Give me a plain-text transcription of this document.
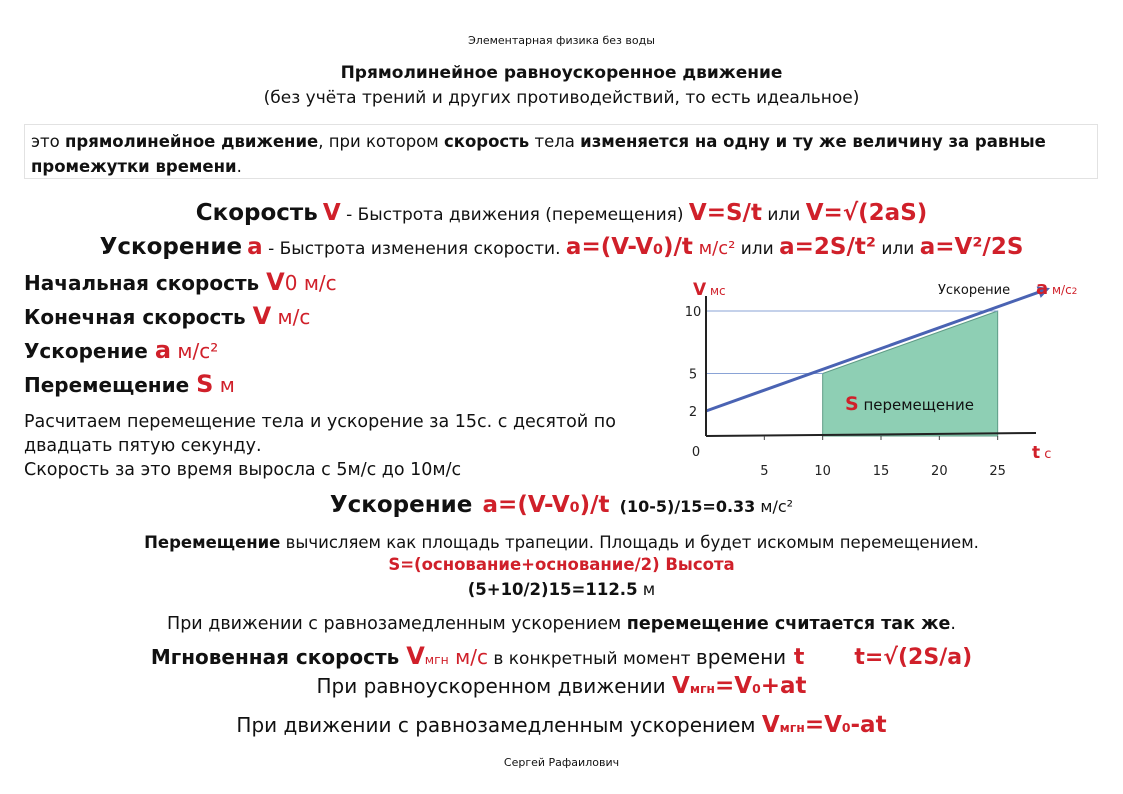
Элементарная физика без воды
Прямолинейное равноускоренное движение
(без учёта трений и других противодействий, то есть идеальное)
это прямолинейное движение, при котором скорость тела изменяется на одну и ту же величину за равные промежутки времени.
Скорость V - Быстрота движения (перемещения) V=S/t или V=√(2aS)
Ускорение a - Быстрота изменения скорости. a=(V-V0)/t м/с² или a=2S/t² или a=V²/2S
Начальная скорость V0 м/с
Конечная скорость V м/с
Ускорение a м/с²
Перемещение S м
Расчитаем перемещение тела и ускорение за 15с. с десятой по
двадцать пятую секунду.
Скорость за это время выросла с 5м/с до 10м/с
0
5	10	15	20	25
2
5
10
V мс
t с
Ускорение a м/с2
S перемещение
Ускорение a=(V-V0)/t (10-5)/15=0.33 м/с²
Перемещение вычисляем как площадь трапеции. Площадь и будет искомым перемещением.
S=(основание+основание/2) Высота
(5+10/2)15=112.5 м
При движении с равнозамедленным ускорением перемещение считается так же.
Мгновенная скорость Vмгн м/с в конкретный момент времени t t=√(2S/a)
При равноускоренном движении Vмгн=V0+at
При движении с равнозамедленным ускорением Vмгн=V0-at
Сергей Рафаилович
